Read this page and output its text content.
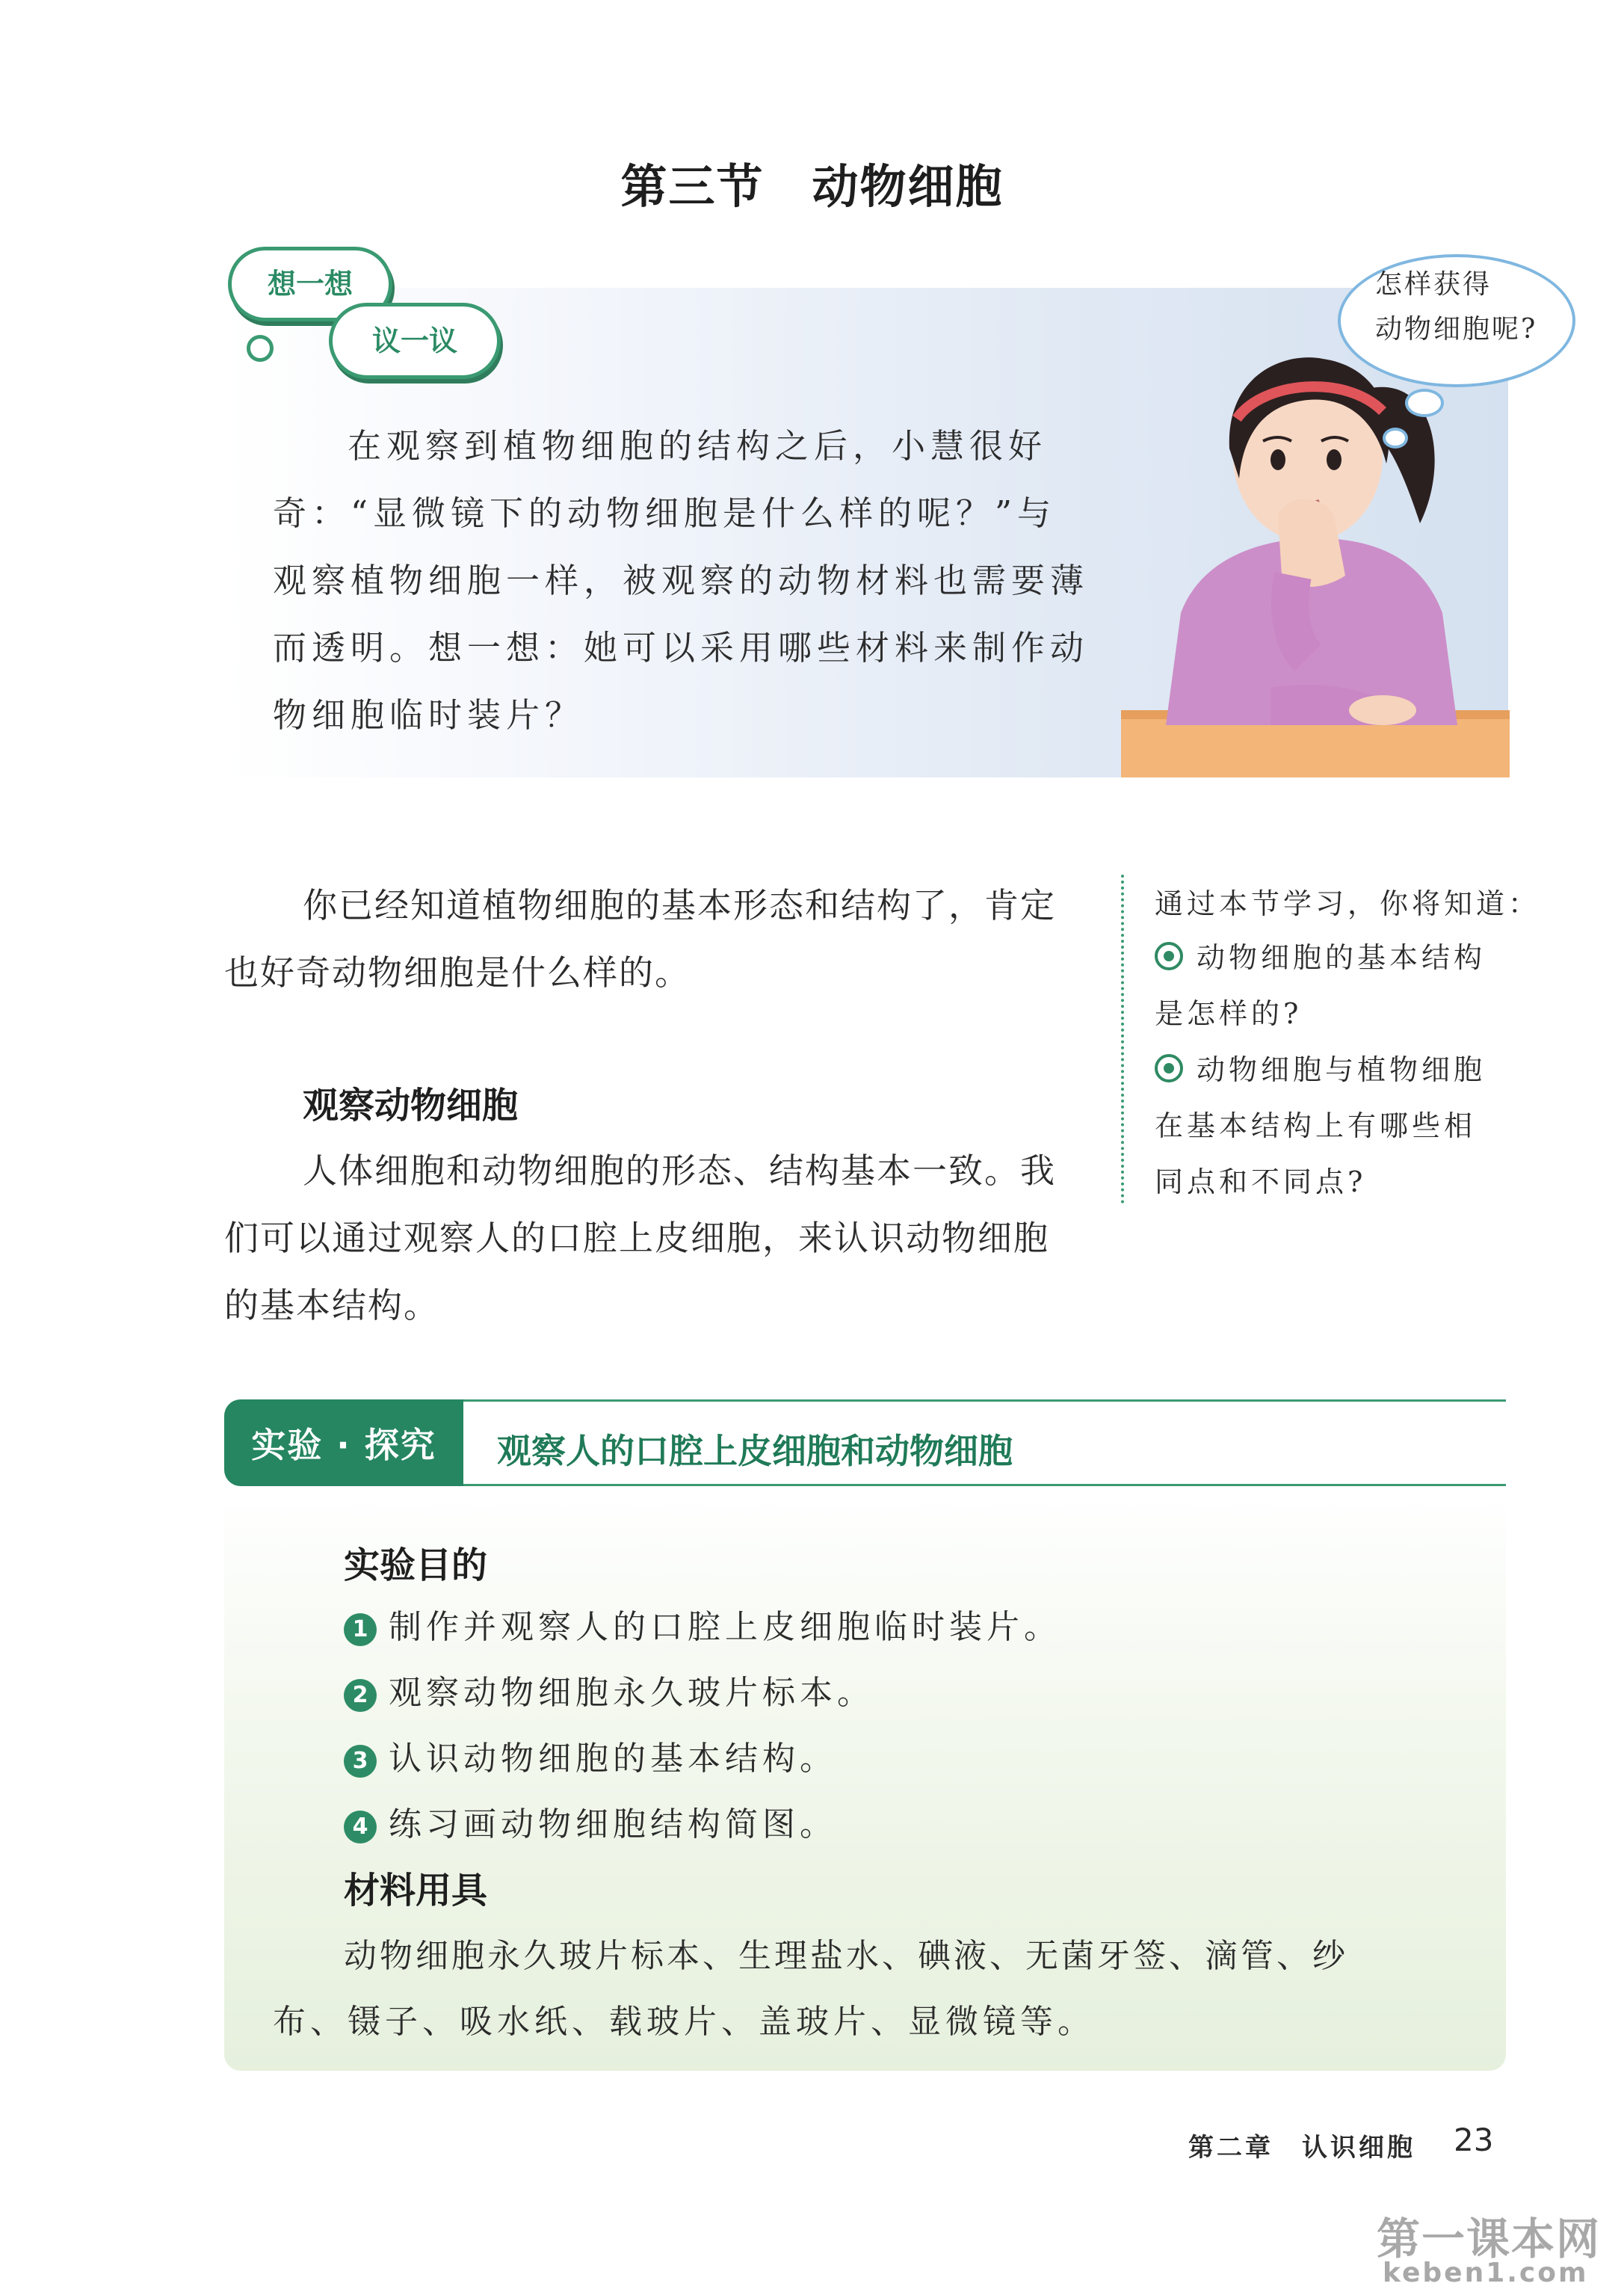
第三节　动物细胞
想一想
议一议
在观察到植物细胞的结构之后，小慧很好
奇：“显微镜下的动物细胞是什么样的呢？”与
观察植物细胞一样，被观察的动物材料也需要薄
而透明。想一想：她可以采用哪些材料来制作动
物细胞临时装片？
怎样获得
动物细胞呢?
你已经知道植物细胞的基本形态和结构了，肯定
也好奇动物细胞是什么样的。
观察动物细胞
人体细胞和动物细胞的形态、结构基本一致。我
们可以通过观察人的口腔上皮细胞，来认识动物细胞
的基本结构。
通过本节学习，你将知道：
动物细胞的基本结构
是怎样的?
动物细胞与植物细胞
在基本结构上有哪些相
同点和不同点?
实验 · 探究	观察人的口腔上皮细胞和动物细胞
实验目的
1 制作并观察人的口腔上皮细胞临时装片。
2 观察动物细胞永久玻片标本。
3 认识动物细胞的基本结构。
4 练习画动物细胞结构简图。
材料用具
动物细胞永久玻片标本、生理盐水、碘液、无菌牙签、滴管、纱
布、镊子、吸水纸、载玻片、盖玻片、显微镜等。
第二章　认识细胞 23
第一课本网
keben1.com
